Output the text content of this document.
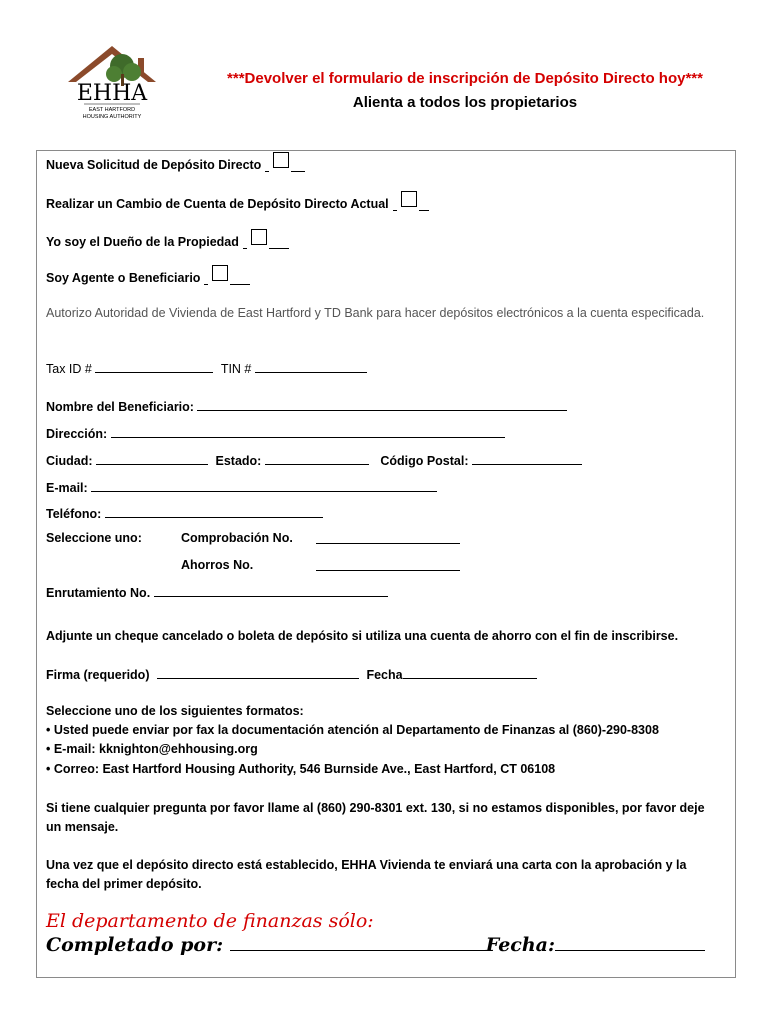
EHHA
EAST HARTFORD
HOUSING AUTHORITY
***Devolver el formulario de inscripción de Depósito Directo hoy***
Alienta a todos los propietarios
Nueva Solicitud de Depósito Directo
Realizar un Cambio de Cuenta de Depósito Directo Actual
Yo soy el Dueño de la Propiedad
Soy Agente o Beneficiario
Autorizo Autoridad de Vivienda de East Hartford y TD Bank para hacer depósitos electrónicos a la cuenta especificada.
Tax ID #	TIN #
Nombre del Beneficiario:
Dirección:
Ciudad:	Estado:	Código Postal:
E-mail:
Teléfono:
Seleccione uno:	Comprobación No.
Ahorros No.
Enrutamiento No.
Adjunte un cheque cancelado o boleta de depósito si utiliza una cuenta de ahorro con el fin de inscribirse.
Firma (requerido)	Fecha
Seleccione uno de los siguientes formatos:
• Usted puede enviar por fax la documentación atención al Departamento de Finanzas al (860)-290-8308
• E-mail: kknighton@ehhousing.org
• Correo: East Hartford Housing Authority, 546 Burnside Ave., East Hartford, CT 06108
Si tiene cualquier pregunta por favor llame al (860) 290-8301 ext. 130, si no estamos disponibles, por favor deje un mensaje.
Una vez que el depósito directo está establecido, EHHA Vivienda te enviará una carta con la aprobación y la fecha del primer depósito.
El departamento de finanzas sólo:
Completado por:	Fecha:
